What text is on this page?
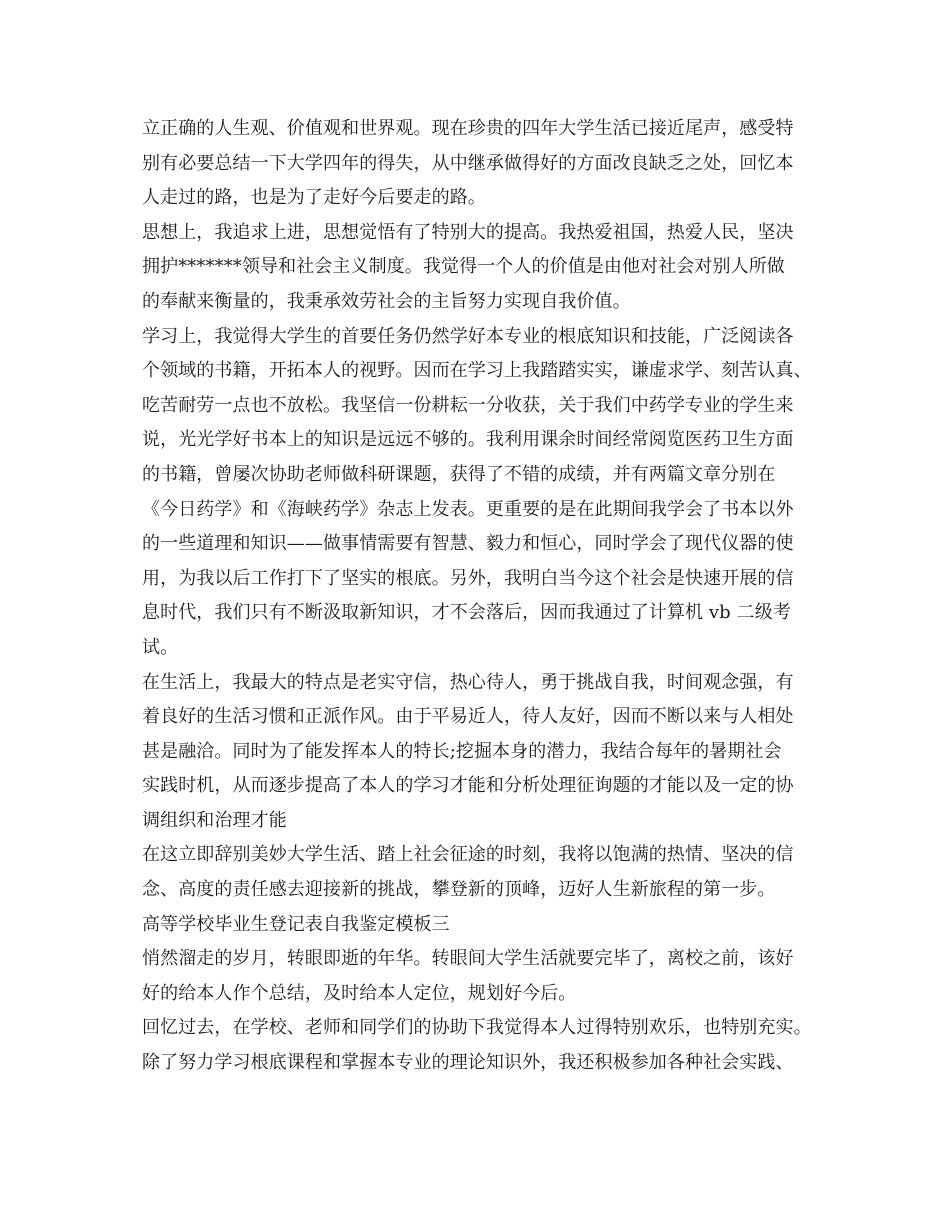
立正确的人生观、价值观和世界观。现在珍贵的四年大学生活已接近尾声，感受特
别有必要总结一下大学四年的得失，从中继承做得好的方面改良缺乏之处，回忆本
人走过的路，也是为了走好今后要走的路。
思想上，我追求上进，思想觉悟有了特别大的提高。我热爱祖国，热爱人民，坚决
拥护*******领导和社会主义制度。我觉得一个人的价值是由他对社会对别人所做
的奉献来衡量的，我秉承效劳社会的主旨努力实现自我价值。
学习上，我觉得大学生的首要任务仍然学好本专业的根底知识和技能，广泛阅读各
个领域的书籍，开拓本人的视野。因而在学习上我踏踏实实，谦虚求学、刻苦认真、
吃苦耐劳一点也不放松。我坚信一份耕耘一分收获，关于我们中药学专业的学生来
说，光光学好书本上的知识是远远不够的。我利用课余时间经常阅览医药卫生方面
的书籍，曾屡次协助老师做科研课题，获得了不错的成绩，并有两篇文章分别在
《今日药学》和《海峡药学》杂志上发表。更重要的是在此期间我学会了书本以外
的一些道理和知识——做事情需要有智慧、毅力和恒心，同时学会了现代仪器的使
用，为我以后工作打下了坚实的根底。另外，我明白当今这个社会是快速开展的信
息时代，我们只有不断汲取新知识，才不会落后，因而我通过了计算机 vb 二级考
试。
在生活上，我最大的特点是老实守信，热心待人，勇于挑战自我，时间观念强，有
着良好的生活习惯和正派作风。由于平易近人，待人友好，因而不断以来与人相处
甚是融洽。同时为了能发挥本人的特长;挖掘本身的潜力，我结合每年的暑期社会
实践时机，从而逐步提高了本人的学习才能和分析处理征询题的才能以及一定的协
调组织和治理才能
在这立即辞别美妙大学生活、踏上社会征途的时刻，我将以饱满的热情、坚决的信
念、高度的责任感去迎接新的挑战，攀登新的顶峰，迈好人生新旅程的第一步。
高等学校毕业生登记表自我鉴定模板三
悄然溜走的岁月，转眼即逝的年华。转眼间大学生活就要完毕了，离校之前，该好
好的给本人作个总结，及时给本人定位，规划好今后。
回忆过去，在学校、老师和同学们的协助下我觉得本人过得特别欢乐，也特别充实。
除了努力学习根底课程和掌握本专业的理论知识外，我还积极参加各种社会实践、
